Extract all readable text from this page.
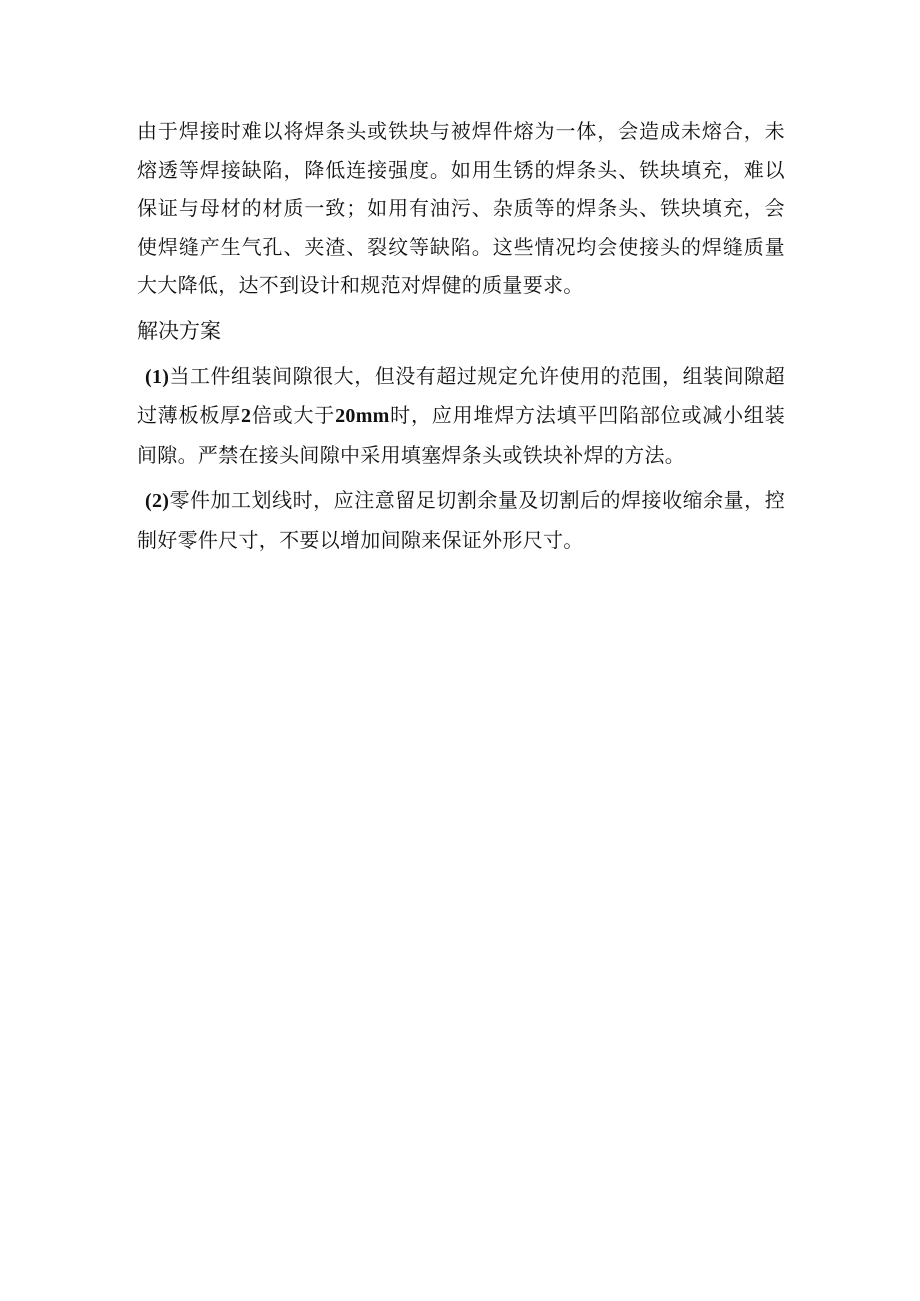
由于焊接时难以将焊条头或铁块与被焊件熔为一体，会造成未熔合，未熔透等焊接缺陷，降低连接强度。如用生锈的焊条头、铁块填充，难以保证与母材的材质一致；如用有油污、杂质等的焊条头、铁块填充，会使焊缝产生气孔、夹渣、裂纹等缺陷。这些情况均会使接头的焊缝质量大大降低，达不到设计和规范对焊健的质量要求。

解决方案

(1)当工件组装间隙很大，但没有超过规定允许使用的范围，组装间隙超过薄板板厚2倍或大于20mm时，应用堆焊方法填平凹陷部位或减小组装间隙。严禁在接头间隙中采用填塞焊条头或铁块补焊的方法。

(2)零件加工划线时，应注意留足切割余量及切割后的焊接收缩余量，控制好零件尺寸，不要以增加间隙来保证外形尺寸。
